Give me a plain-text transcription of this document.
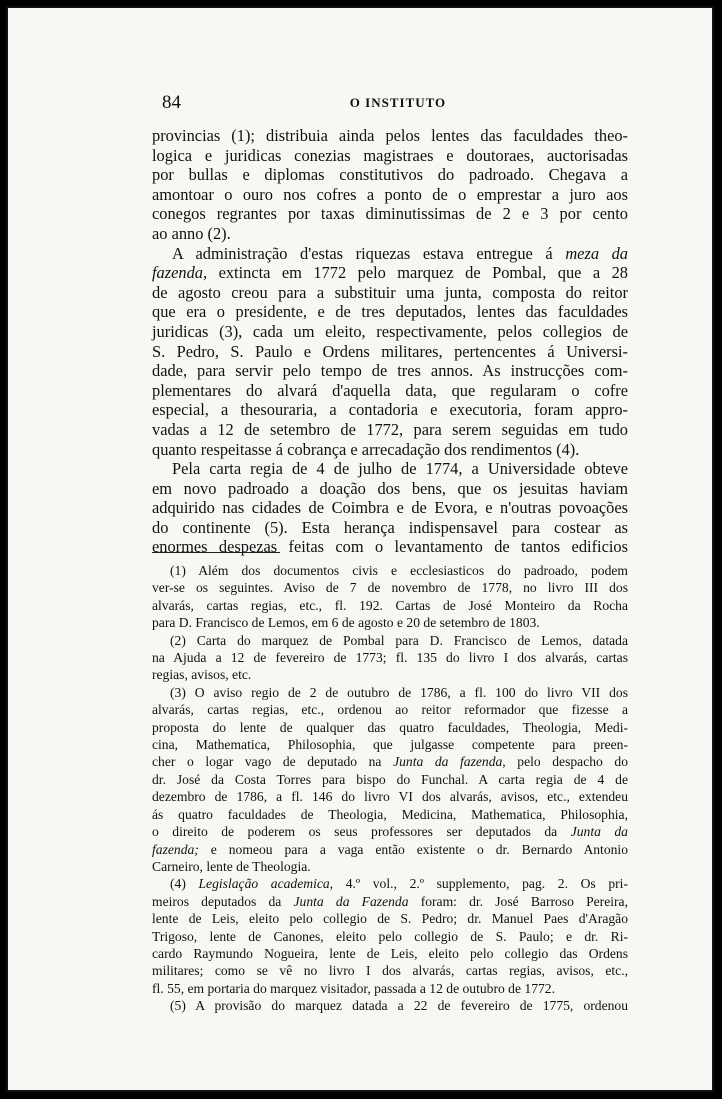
84	O INSTITUTO
provincias (1); distribuia ainda pelos lentes das faculdades theo-
logica e juridicas conezias magistraes e doutoraes, auctorisadas
por bullas e diplomas constitutivos do padroado. Chegava a
amontoar o ouro nos cofres a ponto de o emprestar a juro aos
conegos regrantes por taxas diminutissimas de 2 e 3 por cento
ao anno (2).
A administração d'estas riquezas estava entregue á meza da
fazenda, extincta em 1772 pelo marquez de Pombal, que a 28
de agosto creou para a substituir uma junta, composta do reitor
que era o presidente, e de tres deputados, lentes das faculdades
juridicas (3), cada um eleito, respectivamente, pelos collegios de
S. Pedro, S. Paulo e Ordens militares, pertencentes á Universi-
dade, para servir pelo tempo de tres annos. As instrucções com-
plementares do alvará d'aquella data, que regularam o cofre
especial, a thesouraria, a contadoria e executoria, foram appro-
vadas a 12 de setembro de 1772, para serem seguidas em tudo
quanto respeitasse á cobrança e arrecadação dos rendimentos (4).
Pela carta regia de 4 de julho de 1774, a Universidade obteve
em novo padroado a doação dos bens, que os jesuitas haviam
adquirido nas cidades de Coimbra e de Evora, e n'outras povoações
do continente (5). Esta herança indispensavel para costear as
enormes despezas feitas com o levantamento de tantos edificios
(1) Além dos documentos civis e ecclesiasticos do padroado, podem
ver-se os seguintes. Aviso de 7 de novembro de 1778, no livro III dos
alvarás, cartas regias, etc., fl. 192. Cartas de José Monteiro da Rocha
para D. Francisco de Lemos, em 6 de agosto e 20 de setembro de 1803.
(2) Carta do marquez de Pombal para D. Francisco de Lemos, datada
na Ajuda a 12 de fevereiro de 1773; fl. 135 do livro I dos alvarás, cartas
regias, avisos, etc.
(3) O aviso regio de 2 de outubro de 1786, a fl. 100 do livro VII dos
alvarás, cartas regias, etc., ordenou ao reitor reformador que fizesse a
proposta do lente de qualquer das quatro faculdades, Theologia, Medi-
cina, Mathematica, Philosophia, que julgasse competente para preen-
cher o logar vago de deputado na Junta da fazenda, pelo despacho do
dr. José da Costa Torres para bispo do Funchal. A carta regia de 4 de
dezembro de 1786, a fl. 146 do livro VI dos alvarás, avisos, etc., extendeu
ás quatro faculdades de Theologia, Medicina, Mathematica, Philosophia,
o direito de poderem os seus professores ser deputados da Junta da
fazenda; e nomeou para a vaga então existente o dr. Bernardo Antonio
Carneiro, lente de Theologia.
(4) Legislação academica, 4.º vol., 2.º supplemento, pag. 2. Os pri-
meiros deputados da Junta da Fazenda foram: dr. José Barroso Pereira,
lente de Leis, eleito pelo collegio de S. Pedro; dr. Manuel Paes d'Aragão
Trigoso, lente de Canones, eleito pelo collegio de S. Paulo; e dr. Ri-
cardo Raymundo Nogueira, lente de Leis, eleito pelo collegio das Ordens
militares; como se vê no livro I dos alvarás, cartas regias, avisos, etc.,
fl. 55, em portaria do marquez visitador, passada a 12 de outubro de 1772.
(5) A provisão do marquez datada a 22 de fevereiro de 1775, ordenou
